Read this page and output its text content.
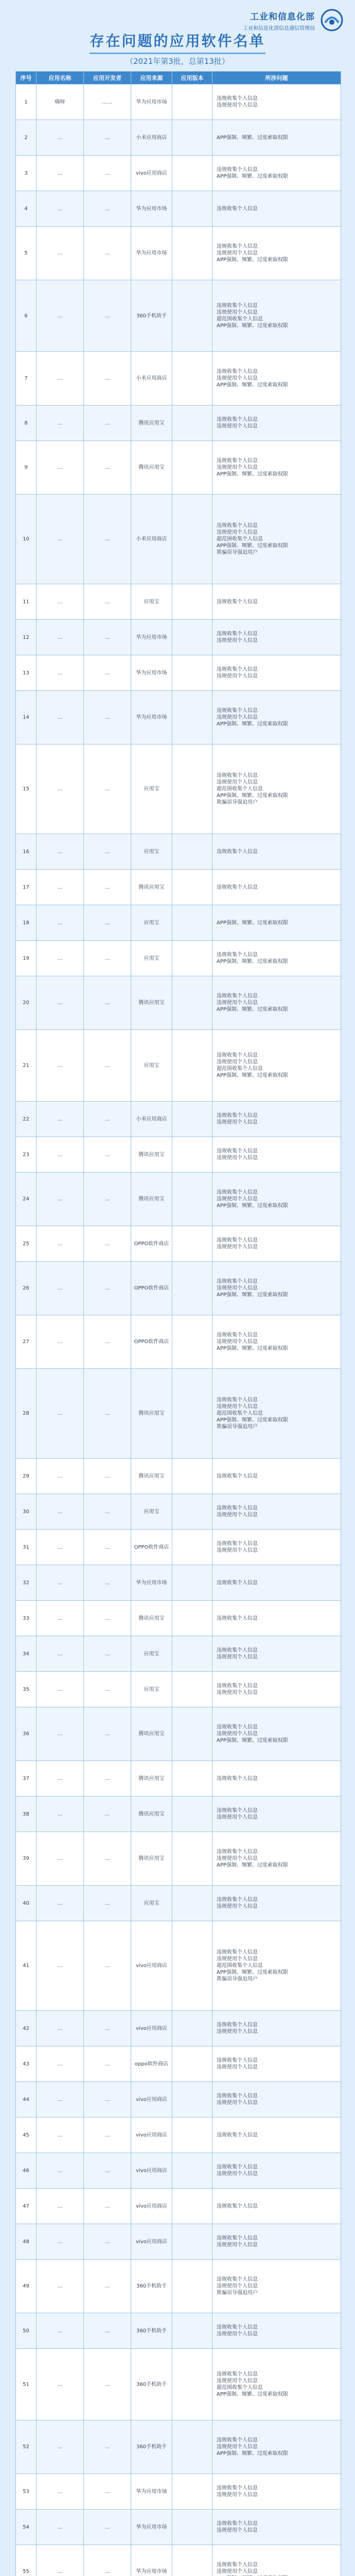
工业和信息化部
工业和信息化部信息通信管理局
存在问题的应用软件名单
（2021年第3批，总第13批）
序号	应用名称	应用开发者	应用来源	应用版本	所涉问题
1	嗨呀	……	华为应用市场		违规收集个人信息
违规使用个人信息
2	…	…	小米应用商店		APP强制、频繁、过度索取权限
3	…	…	vivo应用商店		违规收集个人信息
APP强制、频繁、过度索取权限
4	…	…	华为应用市场		违规收集个人信息
5	…	…	华为应用市场		违规收集个人信息
违规使用个人信息
APP强制、频繁、过度索取权限
6	…	…	360手机助手		违规收集个人信息
违规使用个人信息
超范围收集个人信息
APP强制、频繁、过度索取权限
7	…	…	小米应用商店		违规收集个人信息
违规使用个人信息
APP强制、频繁、过度索取权限
8	…	…	腾讯应用宝		违规收集个人信息
违规使用个人信息
9	…	…	腾讯应用宝		违规收集个人信息
违规使用个人信息
APP强制、频繁、过度索取权限
10	…	…	小米应用商店		违规收集个人信息
违规使用个人信息
超范围收集个人信息
APP强制、频繁、过度索取权限
欺骗误导强迫用户
11	…	…	应用宝		违规收集个人信息
12	…	…	华为应用市场		违规收集个人信息
违规使用个人信息
13	…	…	华为应用市场		违规收集个人信息
违规使用个人信息
14	…	…	华为应用市场		违规收集个人信息
违规使用个人信息
APP强制、频繁、过度索取权限
15	…	…	应用宝		违规收集个人信息
违规使用个人信息
超范围收集个人信息
APP强制、频繁、过度索取权限
欺骗误导强迫用户
16	…	…	应用宝		违规收集个人信息
17	…	…	腾讯应用宝		违规收集个人信息
18	…	…	应用宝		APP强制、频繁、过度索取权限
19	…	…	应用宝		违规收集个人信息
APP强制、频繁、过度索取权限
20	…	…	腾讯应用宝		违规收集个人信息
违规使用个人信息
APP强制、频繁、过度索取权限
21	…	…	应用宝		违规收集个人信息
违规使用个人信息
超范围收集个人信息
APP强制、频繁、过度索取权限
22	…	…	小米应用商店		违规收集个人信息
违规使用个人信息
23	…	…	腾讯应用宝		违规收集个人信息
违规使用个人信息
24	…	…	腾讯应用宝		违规收集个人信息
违规使用个人信息
APP强制、频繁、过度索取权限
25	…	…	OPPO软件商店		违规收集个人信息
违规使用个人信息
26	…	…	OPPO软件商店		违规收集个人信息
违规使用个人信息
APP强制、频繁、过度索取权限
27	…	…	OPPO软件商店		违规收集个人信息
违规使用个人信息
APP强制、频繁、过度索取权限
28	…	…	腾讯应用宝		违规收集个人信息
违规使用个人信息
超范围收集个人信息
APP强制、频繁、过度索取权限
欺骗误导强迫用户
29	…	…	腾讯应用宝		违规收集个人信息
30	…	…	应用宝		违规收集个人信息
违规使用个人信息
31	…	…	OPPO软件商店		违规收集个人信息
违规使用个人信息
32	…	…	华为应用市场		违规收集个人信息
33	…	…	腾讯应用宝		违规收集个人信息
34	…	…	应用宝		违规收集个人信息
违规使用个人信息
35	…	…	应用宝		违规收集个人信息
违规使用个人信息
36	…	…	腾讯应用宝		违规收集个人信息
违规使用个人信息
APP强制、频繁、过度索取权限
37	…	…	腾讯应用宝		违规收集个人信息
38	…	…	腾讯应用宝		违规收集个人信息
违规使用个人信息
39	…	…	腾讯应用宝		违规收集个人信息
违规使用个人信息
APP强制、频繁、过度索取权限
40	…	…	应用宝		违规收集个人信息
违规使用个人信息
41	…	…	vivo应用商店		违规收集个人信息
违规使用个人信息
超范围收集个人信息
APP强制、频繁、过度索取权限
欺骗误导强迫用户
42	…	…	vivo应用商店		违规收集个人信息
违规使用个人信息
43	…	…	oppo软件商店		违规收集个人信息
违规使用个人信息
44	…	…	vivo应用商店		违规收集个人信息
违规使用个人信息
45	…	…	vivo应用商店		违规收集个人信息
46	…	…	vivo应用商店		违规收集个人信息
违规使用个人信息
47	…	…	vivo应用商店		违规收集个人信息
48	…	…	vivo应用商店		违规收集个人信息
违规使用个人信息
49	…	…	360手机助手		违规收集个人信息
违规使用个人信息
欺骗误导强迫用户
50	…	…	360手机助手		违规收集个人信息
违规使用个人信息
51	…	…	360手机助手		违规收集个人信息
违规使用个人信息
超范围收集个人信息
APP强制、频繁、过度索取权限
52	…	…	360手机助手		违规收集个人信息
违规使用个人信息
APP强制、频繁、过度索取权限
53	…	…	华为应用市场		违规收集个人信息
违规使用个人信息
54	…	…	华为应用市场		违规收集个人信息
违规使用个人信息
55	…	…	华为应用市场		违规收集个人信息
违规使用个人信息
